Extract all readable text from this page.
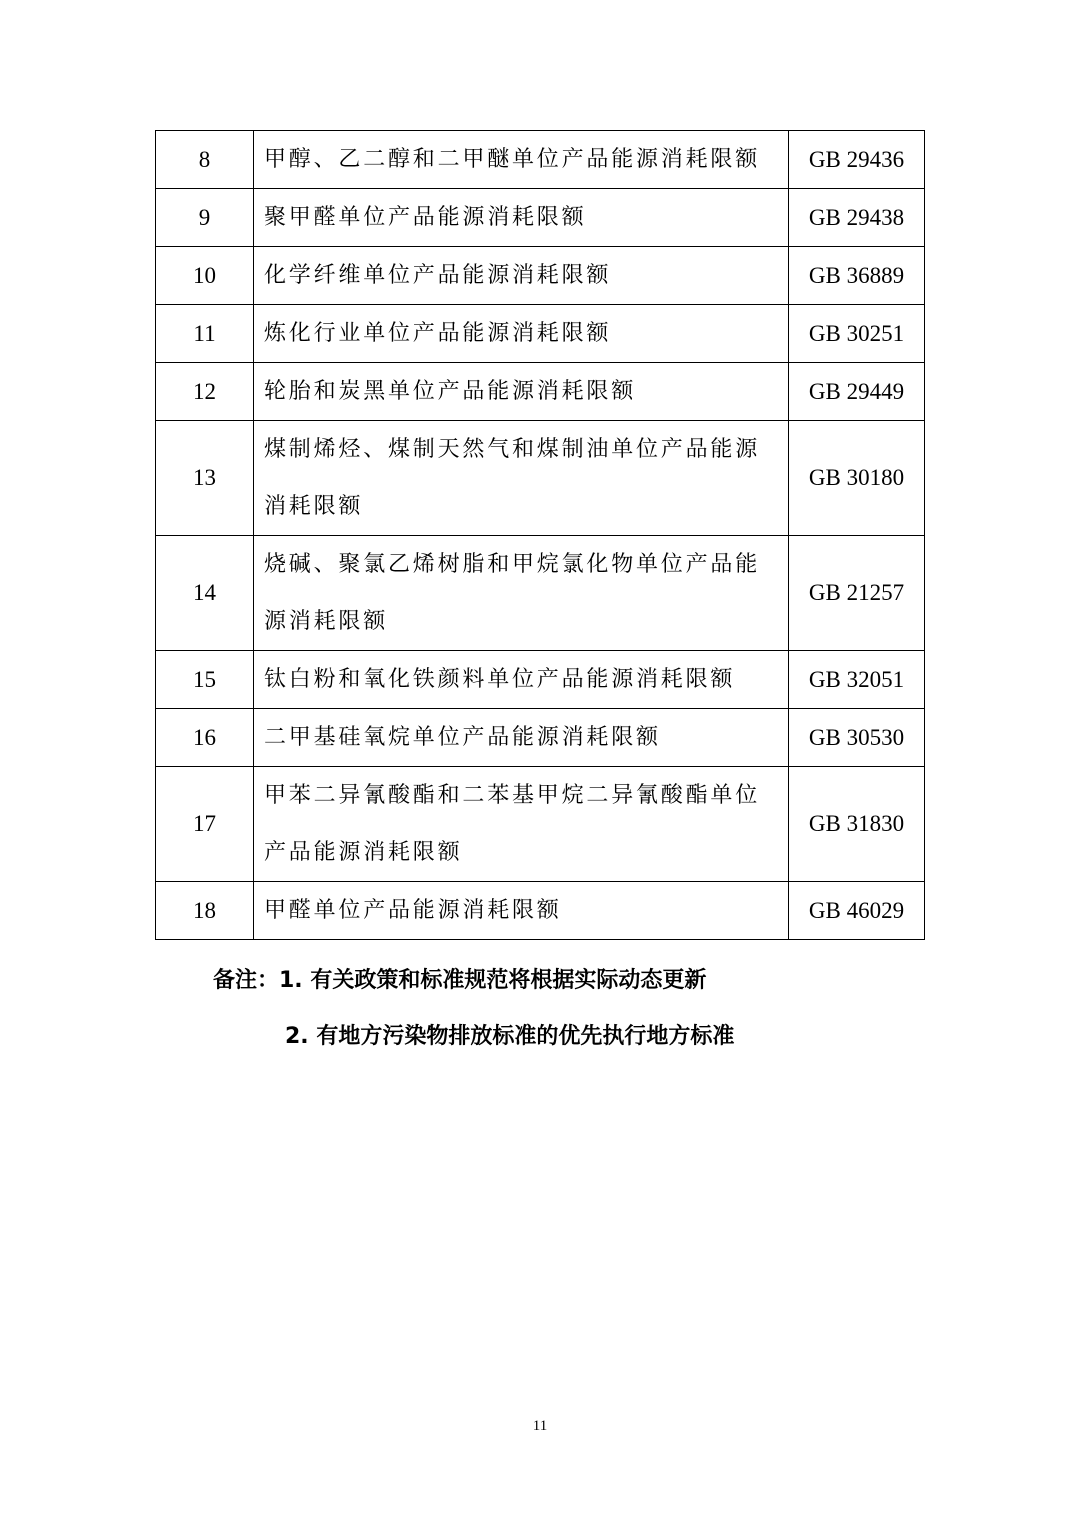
8	甲醇、乙二醇和二甲醚单位产品能源消耗限额	GB 29436
9	聚甲醛单位产品能源消耗限额	GB 29438
10	化学纤维单位产品能源消耗限额	GB 36889
11	炼化行业单位产品能源消耗限额	GB 30251
12	轮胎和炭黑单位产品能源消耗限额	GB 29449
13	煤制烯烃、煤制天然气和煤制油单位产品能源消耗限额	GB 30180
14	烧碱、聚氯乙烯树脂和甲烷氯化物单位产品能源消耗限额	GB 21257
15	钛白粉和氧化铁颜料单位产品能源消耗限额	GB 32051
16	二甲基硅氧烷单位产品能源消耗限额	GB 30530
17	甲苯二异氰酸酯和二苯基甲烷二异氰酸酯单位产品能源消耗限额	GB 31830
18	甲醛单位产品能源消耗限额	GB 46029
备注：1. 有关政策和标准规范将根据实际动态更新
2. 有地方污染物排放标准的优先执行地方标准
11
